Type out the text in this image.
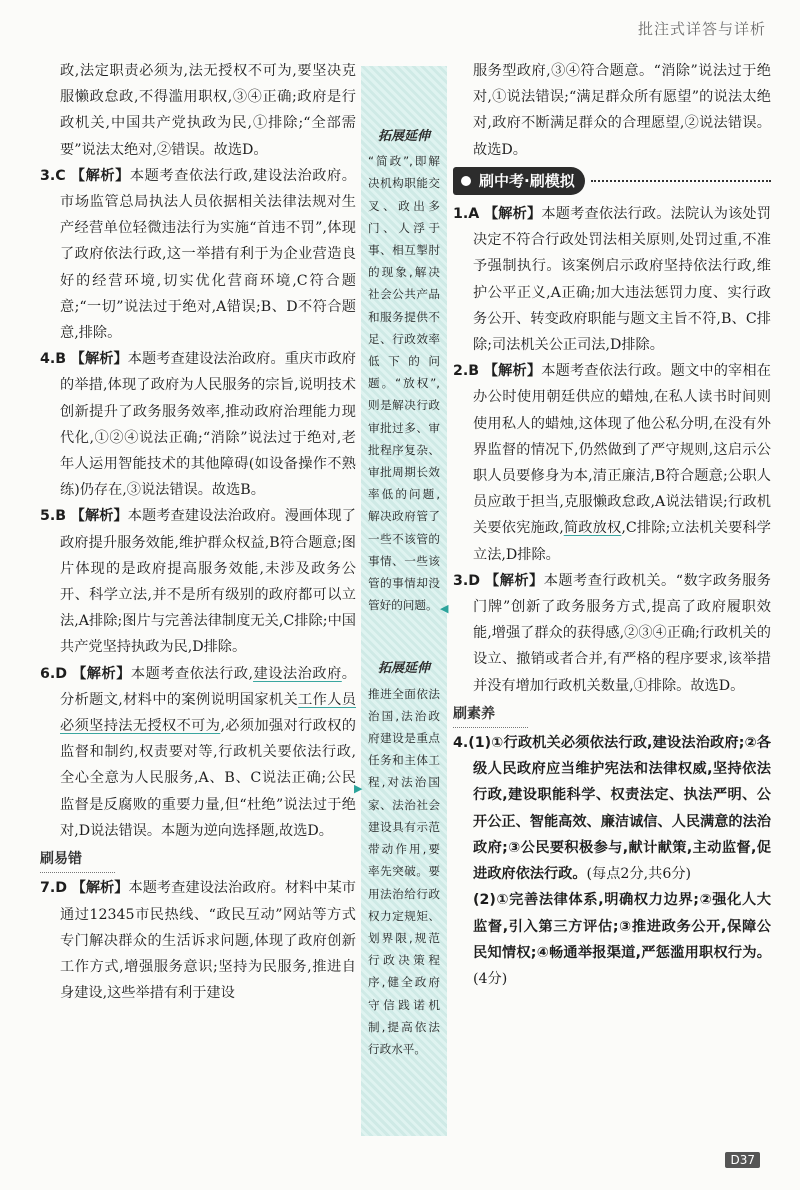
批注式详答与详析

政,法定职责必须为,法无授权不可为,要坚决克服懒政怠政,不得滥用职权,③④正确;政府是行政机关,中国共产党执政为民,①排除;“全部需要”说法太绝对,②错误。故选D。

3.C 【解析】本题考查依法行政,建设法治政府。市场监管总局执法人员依据相关法律法规对生产经营单位轻微违法行为实施“首违不罚”,体现了政府依法行政,这一举措有利于为企业营造良好的经营环境,切实优化营商环境,C符合题意;“一切”说法过于绝对,A错误;B、D不符合题意,排除。

4.B 【解析】本题考查建设法治政府。重庆市政府的举措,体现了政府为人民服务的宗旨,说明技术创新提升了政务服务效率,推动政府治理能力现代化,①②④说法正确;“消除”说法过于绝对,老年人运用智能技术的其他障碍(如设备操作不熟练)仍存在,③说法错误。故选B。

5.B 【解析】本题考查建设法治政府。漫画体现了政府提升服务效能,维护群众权益,B符合题意;图片体现的是政府提高服务效能,未涉及政务公开、科学立法,并不是所有级别的政府都可以立法,A排除;图片与完善法律制度无关,C排除;中国共产党坚持执政为民,D排除。

6.D 【解析】本题考查依法行政,建设法治政府。分析题文,材料中的案例说明国家机关工作人员必须坚持法无授权不可为,必须加强对行政权的监督和制约,权责要对等,行政机关要依法行政,全心全意为人民服务,A、B、C说法正确;公民监督是反腐败的重要力量,但“杜绝”说法过于绝对,D说法错误。本题为逆向选择题,故选D。

刷易错

7.D 【解析】本题考查建设法治政府。材料中某市通过12345市民热线、“政民互动”网站等方式专门解决群众的生活诉求问题,体现了政府创新工作方式,增强服务意识;坚持为民服务,推进自身建设,这些举措有利于建设

拓展延伸
“简政”,即解决机构职能交叉、政出多门、人浮于事、相互掣肘的现象,解决社会公共产品和服务提供不足、行政效率低下的问题。“放权”,则是解决行政审批过多、审批程序复杂、审批周期长效率低的问题,解决政府管了一些不该管的事情、一些该管的事情却没管好的问题。
拓展延伸
推进全面依法治国,法治政府建设是重点任务和主体工程,对法治国家、法治社会建设具有示范带动作用,要率先突破。要用法治给行政权力定规矩、划界限,规范行政决策程序,健全政府守信践诺机制,提高依法行政水平。
◀
▶

服务型政府,③④符合题意。“消除”说法过于绝对,①说法错误;“满足群众所有愿望”的说法太绝对,政府不断满足群众的合理愿望,②说法错误。故选D。

刷中考·刷模拟

1.A 【解析】本题考查依法行政。法院认为该处罚决定不符合行政处罚法相关原则,处罚过重,不准予强制执行。该案例启示政府坚持依法行政,维护公平正义,A正确;加大违法惩罚力度、实行政务公开、转变政府职能与题文主旨不符,B、C排除;司法机关公正司法,D排除。

2.B 【解析】本题考查依法行政。题文中的宰相在办公时使用朝廷供应的蜡烛,在私人读书时间则使用私人的蜡烛,这体现了他公私分明,在没有外界监督的情况下,仍然做到了严守规则,这启示公职人员要修身为本,清正廉洁,B符合题意;公职人员应敢于担当,克服懒政怠政,A说法错误;行政机关要依宪施政,简政放权,C排除;立法机关要科学立法,D排除。

3.D 【解析】本题考查行政机关。“数字政务服务门牌”创新了政务服务方式,提高了政府履职效能,增强了群众的获得感,②③④正确;行政机关的设立、撤销或者合并,有严格的程序要求,该举措并没有增加行政机关数量,①排除。故选D。

刷素养

4.(1)①行政机关必须依法行政,建设法治政府;②各级人民政府应当维护宪法和法律权威,坚持依法行政,建设职能科学、权责法定、执法严明、公开公正、智能高效、廉洁诚信、人民满意的法治政府;③公民要积极参与,献计献策,主动监督,促进政府依法行政。(每点2分,共6分)

(2)①完善法律体系,明确权力边界;②强化人大监督,引入第三方评估;③推进政务公开,保障公民知情权;④畅通举报渠道,严惩滥用职权行为。(4分)

D37
